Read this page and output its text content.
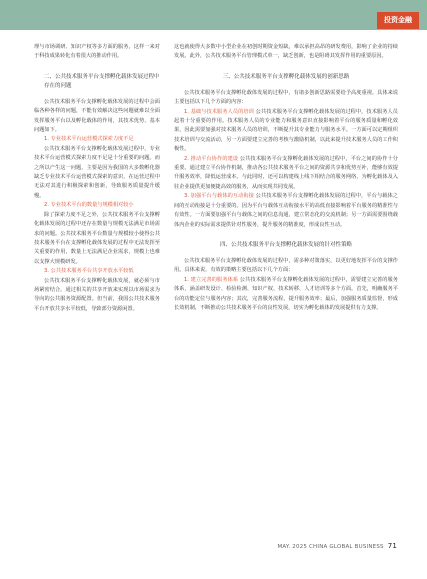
投资金融

理与市场调研、知识产权等多方面的服务，这样一来对于科技成果转化有着很大的推动作用。

二、公共技术服务平台支撑孵化载体发展过程中存在的问题

公共技术服务平台支撑孵化载体发展的过程中会面临各种各样的问题，不能有效解决这些问题就难以全面发挥服务平台以及孵化载体的作用，其技术优势、基本问题如下。

1. 专业技术平台运营模式探索力度不足

公共技术服务平台支撑孵化载体发展过程中，专业技术平台运营模式探索力度不足是十分重要的问题。而之所以产生这一问题，主要是因为我国的大多数孵化器缺乏专业技术平台运营模式探索的意识，在运营过程中无法对其进行积极探索和创新，导致服务质量提升缓慢。

2. 专业技术平台的数量与规模相对较小

除了探索力度不足之外，公共技术服务平台支撑孵化载体发展的过程中还存在数量与规模无法满足市场需求的问题。公共技术服务平台数量与规模较小使得公共技术服务平台在支撑孵化载体发展的过程中无法发挥至关重要的作用，数量上无法满足企业需求，规模上也难以支撑大规模研发。

3. 公共技术服务平台共享开放水平较低

公共技术服务平台支撑孵化载体发展，就必须与市场紧密结合。通过相关的共享开放来实现以市场需求为导向的公共服务资源配置。但当前，我国公共技术服务平台开放共享水平较低，导致部分资源闲置。

这也就使得大多数中小型企业在初创时期资金短缺，难以承担高昂的研发费用，影响了企业的持续发展。此外，公共技术服务平台管理模式单一，缺乏创新，也是阻碍其发挥作用的重要原因。

三、公共技术服务平台支撑孵化载体发展的创新思路

公共技术服务平台支撑孵化载体发展的过程中，有诸多创新思路需要给予高度重视。具体来说主要包括以下几个方面的内容：

1. 基础与技术服务人员的培训 公共技术服务平台支撑孵化载体发展的过程中，技术服务人员起着十分重要的作用。技术服务人员的专业能力和服务意识直接影响着平台的服务质量和孵化效果，因此需要加强对技术服务人员的培训，不断提升其专业能力与服务水平。一方面可以定期组织技术培训与交流活动，另一方面要建立完善的考核与激励机制，以此来提升技术服务人员的工作积极性。

2. 推动平台协作的建设 公共技术服务平台支撑孵化载体发展的过程中，平台之间的协作十分重要。通过建立平台协作机制，推动各公共技术服务平台之间的资源共享和优势互补，能够有效提升服务效率，降低运营成本。与此同时，还可以构建线上线下相结合的服务网络，为孵化载体及入驻企业提供更加便捷高效的服务，从而实现共同发展。

3. 加强平台与载体的互动衔接 公共技术服务平台支撑孵化载体发展的过程中，平台与载体之间的互动衔接是十分重要的。因为平台与载体互动衔接水平的高低直接影响着平台服务的精准性与有效性。一方面要加强平台与载体之间的信息沟通，建立常态化的交流机制；另一方面需要围绕载体内企业的实际需求提供针对性服务，提升服务的精准度，形成良性互动。

四、公共技术服务平台支撑孵化载体发展的针对性策略

公共技术服务平台支撑孵化载体发展的过程中，需多种对策落实，以更好地发挥平台的支撑作用。具体来说，有效的策略主要包括以下几个方面：

1. 建立完善的服务体系 公共技术服务平台支撑孵化载体发展的过程中，需要建立完善的服务体系，涵盖研发设计、检验检测、知识产权、技术转移、人才培训等多个方面。首先，明确服务平台的功能定位与服务内容；其次，完善服务流程，提升服务效率；最后，加强服务质量监督，形成长效机制，不断推动公共技术服务平台的良性发展，切实为孵化载体的发展提供有力支撑。

MAY. 2025 CHINA GLOBAL BUSINESS 71
